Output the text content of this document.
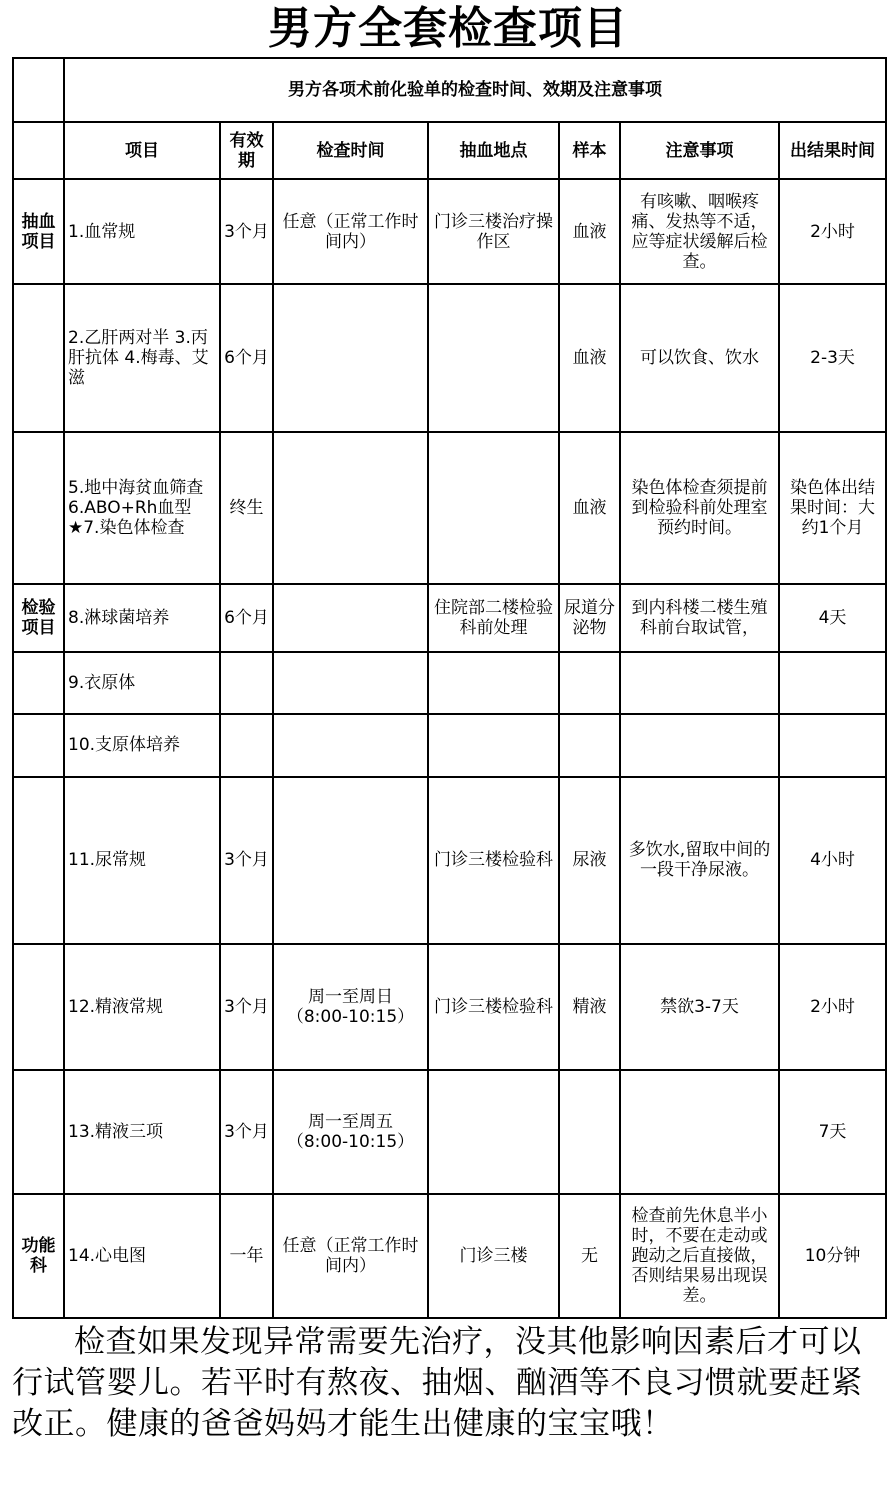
男方全套检查项目
	男方各项术前化验单的检查时间、效期及注意事项						
	项目	有效期	检查时间	抽血地点	样本	注意事项	出结果时间
抽血项目	1.血常规	3个月	任意（正常工作时间内）	门诊三楼治疗操作区	血液	有咳嗽、咽喉疼痛、发热等不适，应等症状缓解后检查。	2小时
	2.乙肝两对半 3.丙肝抗体 4.梅毒、艾滋	6个月			血液	可以饮食、饮水	2-3天
	5.地中海贫血筛查 6.ABO+Rh血型 ★7.染色体检查	终生			血液	染色体检查须提前到检验科前处理室预约时间。	染色体出结果时间：大约1个月
检验项目	8.淋球菌培养	6个月		住院部二楼检验科前处理	尿道分泌物	到内科楼二楼生殖科前台取试管，	4天
	9.衣原体						
	10.支原体培养						
	11.尿常规	3个月		门诊三楼检验科	尿液	多饮水,留取中间的一段干净尿液。	4小时
	12.精液常规	3个月	周一至周日 （8:00-10:15）	门诊三楼检验科	精液	禁欲3-7天	2小时
	13.精液三项	3个月	周一至周五 （8:00-10:15）				7天
功能科	14.心电图	一年	任意（正常工作时间内）	门诊三楼	无	检查前先休息半小时，不要在走动或跑动之后直接做，否则结果易出现误差。	10分钟
检查如果发现异常需要先治疗，没其他影响因素后才可以行试管婴儿。若平时有熬夜、抽烟、酗酒等不良习惯就要赶紧改正。健康的爸爸妈妈才能生出健康的宝宝哦！
